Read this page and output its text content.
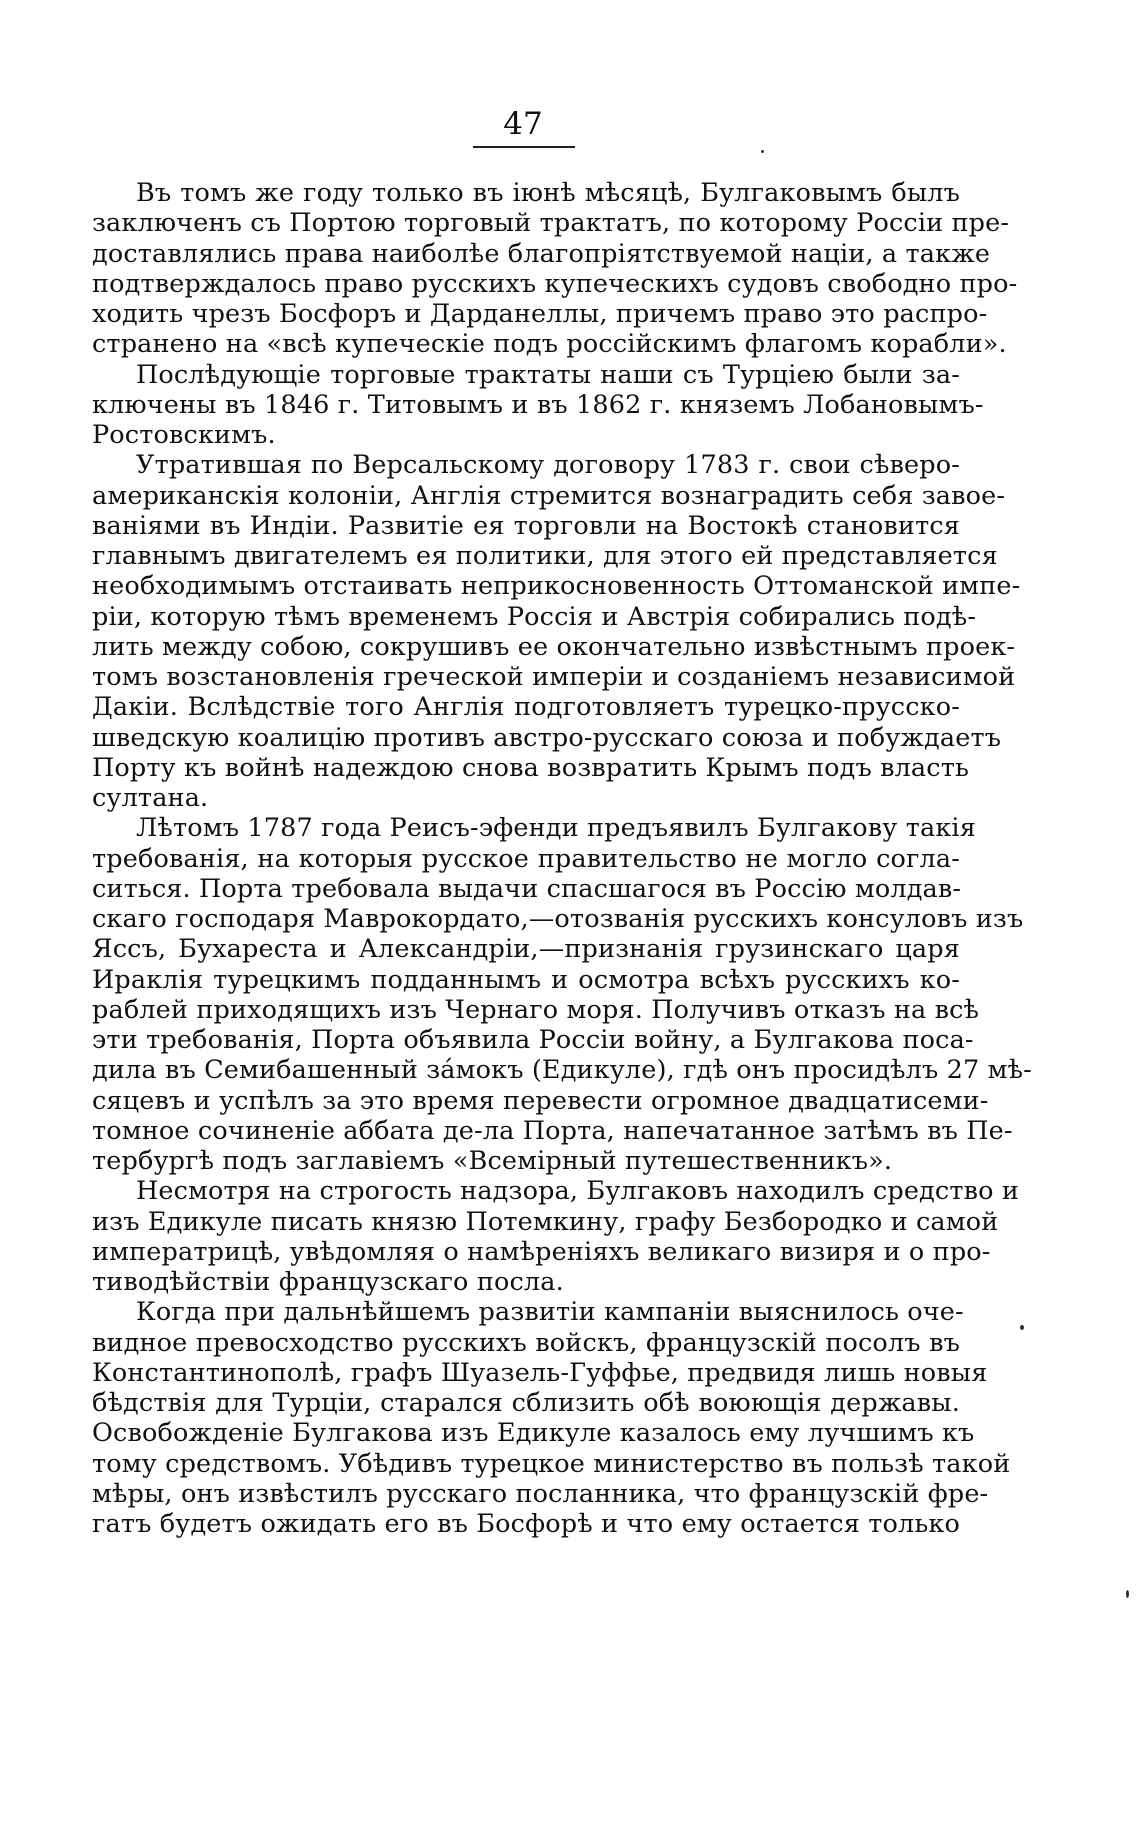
47
Въ томъ же году только въ іюнѣ мѣсяцѣ, Булгаковымъ былъ
заключенъ съ Портою торговый трактатъ, по которому Россіи пре-
доставлялись права наиболѣе благопріятствуемой націи, а также
подтверждалось право русскихъ купеческихъ судовъ свободно про-
ходить чрезъ Босфоръ и Дарданеллы, причемъ право это распро-
странено на «всѣ купеческіе подъ россійскимъ флагомъ корабли».
Послѣдующіе торговые трактаты наши съ Турціею были за-
ключены въ 1846 г. Титовымъ и въ 1862 г. княземъ Лобановымъ-
Ростовскимъ.
Утратившая по Версальскому договору 1783 г. свои сѣверо-
американскія колоніи, Англія стремится вознаградить себя завое-
ваніями въ Индіи. Развитіе ея торговли на Востокѣ становится
главнымъ двигателемъ ея политики, для этого ей представляется
необходимымъ отстаивать неприкосновенность Оттоманской импе-
ріи, которую тѣмъ временемъ Россія и Австрія собирались подѣ-
лить между собою, сокрушивъ ее окончательно извѣстнымъ проек-
томъ возстановленія греческой имперіи и созданіемъ независимой
Дакіи. Вслѣдствіе того Англія подготовляетъ турецко-прусско-
шведскую коалицію противъ австро-русскаго союза и побуждаетъ
Порту къ войнѣ надеждою снова возвратить Крымъ подъ власть
султана.
Лѣтомъ 1787 года Реисъ-эфенди предъявилъ Булгакову такія
требованія, на которыя русское правительство не могло согла-
ситься. Порта требовала выдачи спасшагося въ Россію молдав-
скаго господаря Маврокордато,—отозванія русскихъ консуловъ изъ
Яссъ, Бухареста и Александріи,—признанія грузинскаго царя
Ираклія турецкимъ подданнымъ и осмотра всѣхъ русскихъ ко-
раблей приходящихъ изъ Чернаго моря. Получивъ отказъ на всѣ
эти требованія, Порта объявила Россіи войну, а Булгакова поса-
дила въ Семибашенный зáмокъ (Едикуле), гдѣ онъ просидѣлъ 27 мѣ-
сяцевъ и успѣлъ за это время перевести огромное двадцатисеми-
томное сочиненіе аббата де-ла Порта, напечатанное затѣмъ въ Пе-
тербургѣ подъ заглавіемъ «Всемірный путешественникъ».
Несмотря на строгость надзора, Булгаковъ находилъ средство и
изъ Едикуле писать князю Потемкину, графу Безбородко и самой
императрицѣ, увѣдомляя о намѣреніяхъ великаго визиря и о про-
тиводѣйствіи французскаго посла.
Когда при дальнѣйшемъ развитіи кампаніи выяснилось оче-
видное превосходство русскихъ войскъ, французскій посолъ въ
Константинополѣ, графъ Шуазель-Гуффье, предвидя лишь новыя
бѣдствія для Турціи, старался сблизить обѣ воюющія державы.
Освобожденіе Булгакова изъ Едикуле казалось ему лучшимъ къ
тому средствомъ. Убѣдивъ турецкое министерство въ пользѣ такой
мѣры, онъ извѣстилъ русскаго посланника, что французскій фре-
гатъ будетъ ожидать его въ Босфорѣ и что ему остается только
